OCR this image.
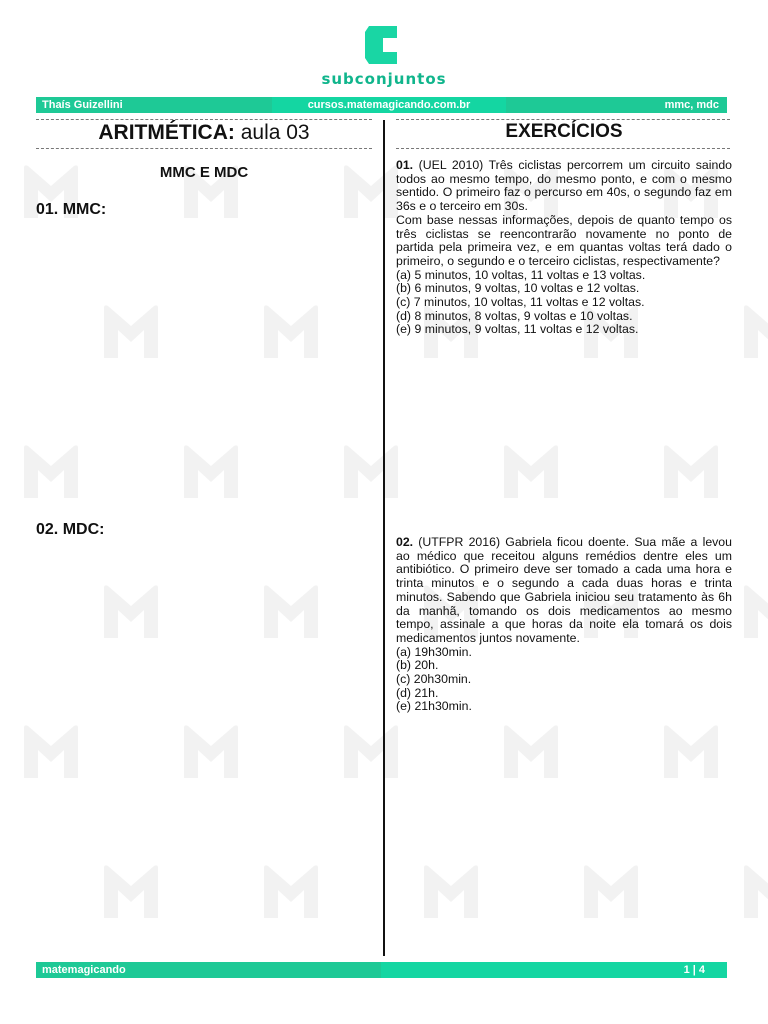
subconjuntos
Thaís Guizellini	cursos.matemagicando.com.br	mmc, mdc
ARITMÉTICA: aula 03
MMC E MDC
01. MMC:
02. MDC:
EXERCÍCIOS
01. (UEL 2010) Três ciclistas percorrem um circuito saindo todos ao mesmo tempo, do mesmo ponto, e com o mesmo sentido. O primeiro faz o percurso em 40s, o segundo faz em 36s e o terceiro em 30s.
Com base nessas informações, depois de quanto tempo os três ciclistas se reencontrarão novamente no ponto de partida pela primeira vez, e em quantas voltas terá dado o primeiro, o segundo e o terceiro ciclistas, respectivamente?
(a) 5 minutos, 10 voltas, 11 voltas e 13 voltas.
(b) 6 minutos, 9 voltas, 10 voltas e 12 voltas.
(c) 7 minutos, 10 voltas, 11 voltas e 12 voltas.
(d) 8 minutos, 8 voltas, 9 voltas e 10 voltas.
(e) 9 minutos, 9 voltas, 11 voltas e 12 voltas.
02. (UTFPR 2016) Gabriela ficou doente. Sua mãe a levou ao médico que receitou alguns remédios dentre eles um antibiótico. O primeiro deve ser tomado a cada uma hora e trinta minutos e o segundo a cada duas horas e trinta minutos. Sabendo que Gabriela iniciou seu tratamento às 6h da manhã, tomando os dois medicamentos ao mesmo tempo, assinale a que horas da noite ela tomará os dois medicamentos juntos novamente.
(a) 19h30min.
(b) 20h.
(c) 20h30min.
(d) 21h.
(e) 21h30min.
matemagicando	1 | 4
